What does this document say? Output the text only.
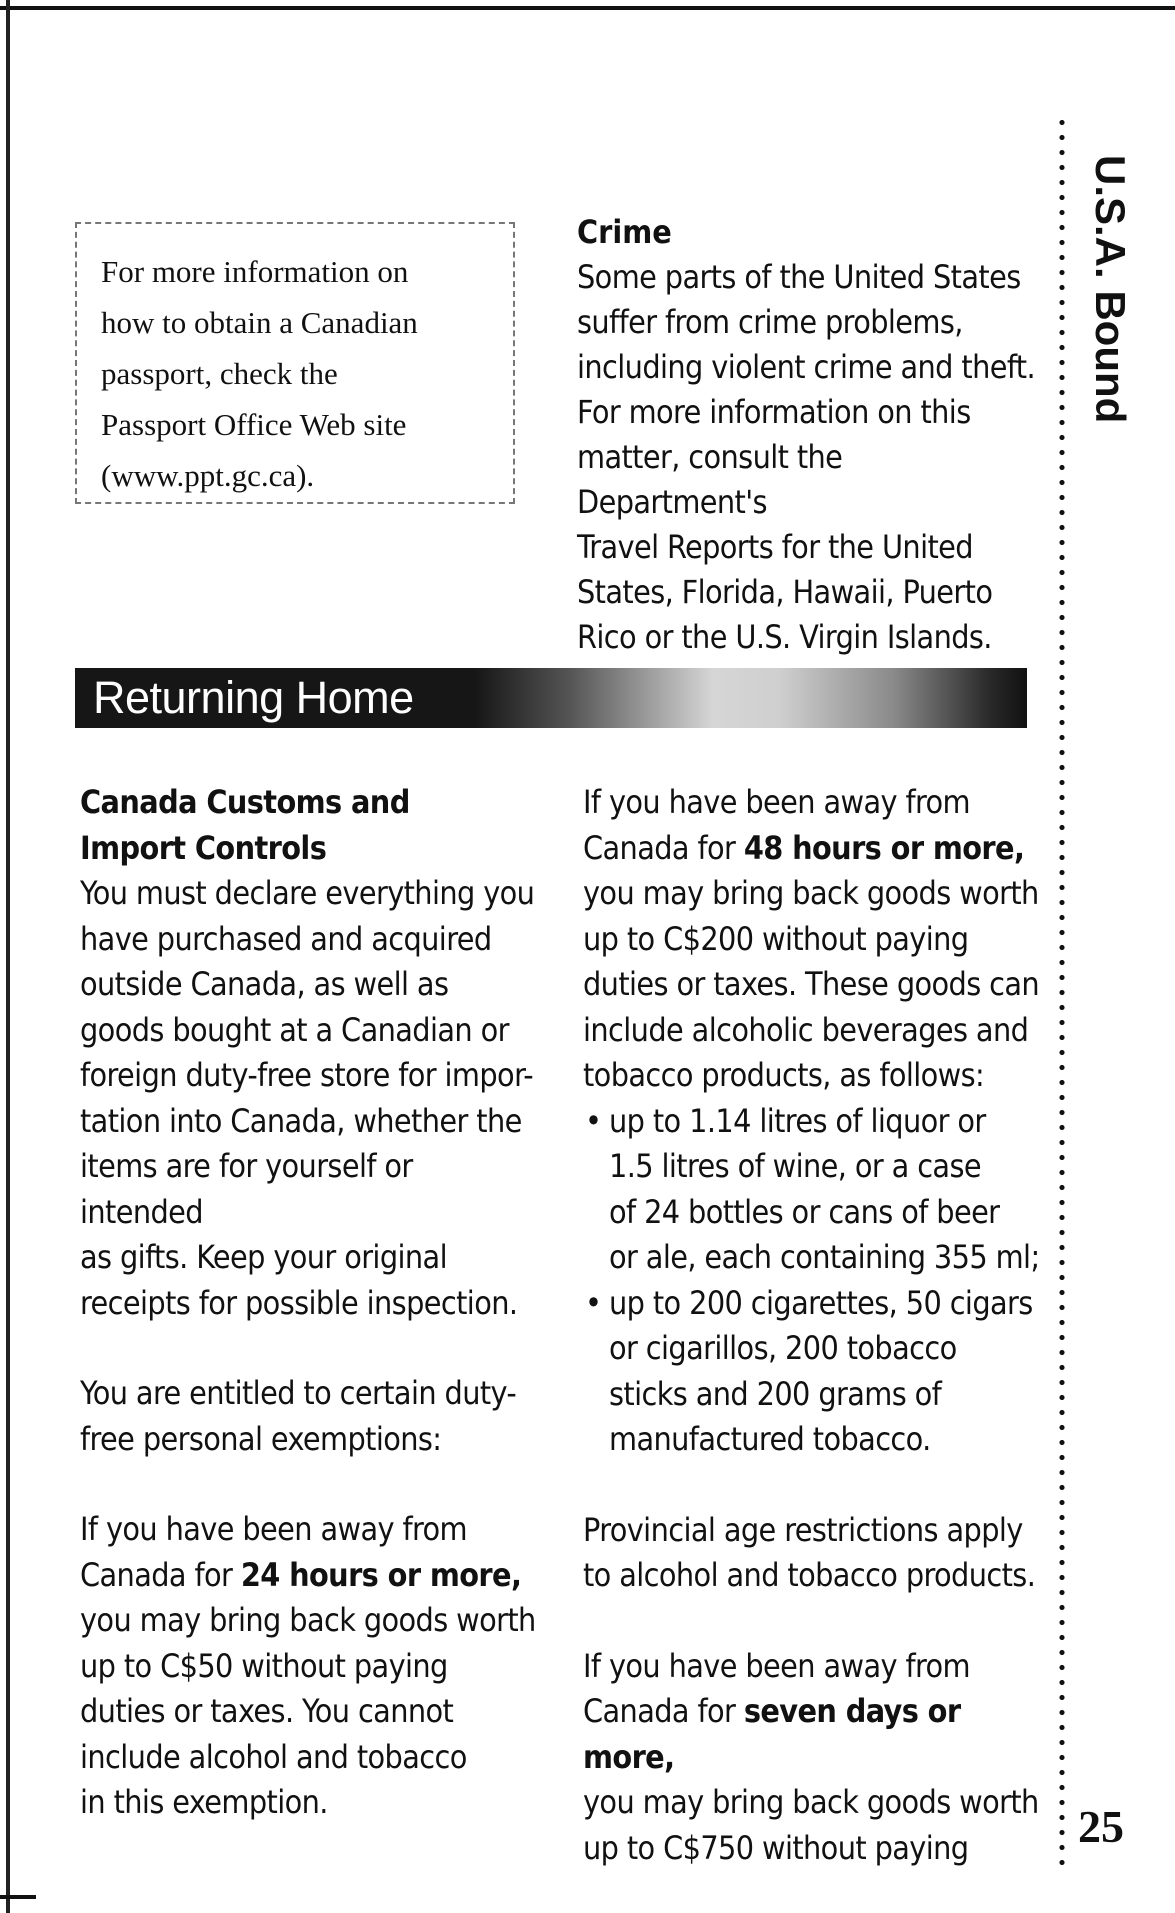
For more information on
how to obtain a Canadian
passport, check the
Passport Office Web site
(www.ppt.gc.ca).
Crime
Some parts of the United States
suffer from crime problems,
including violent crime and theft.
For more information on this
matter, consult the Department's
Travel Reports for the United
States, Florida, Hawaii, Puerto
Rico or the U.S. Virgin Islands.
Returning Home
Canada Customs and
Import Controls
You must declare everything you
have purchased and acquired
outside Canada, as well as
goods bought at a Canadian or
foreign duty-free store for impor-
tation into Canada, whether the
items are for yourself or intended
as gifts. Keep your original
receipts for possible inspection.
You are entitled to certain duty-
free personal exemptions:
If you have been away from
Canada for 24 hours or more,
you may bring back goods worth
up to C$50 without paying
duties or taxes. You cannot
include alcohol and tobacco
in this exemption.
If you have been away from
Canada for 48 hours or more,
you may bring back goods worth
up to C$200 without paying
duties or taxes. These goods can
include alcoholic beverages and
tobacco products, as follows:
• up to 1.14 litres of liquor or
1.5 litres of wine, or a case
of 24 bottles or cans of beer
or ale, each containing 355 ml;
• up to 200 cigarettes, 50 cigars
or cigarillos, 200 tobacco
sticks and 200 grams of
manufactured tobacco.
Provincial age restrictions apply
to alcohol and tobacco products.
If you have been away from
Canada for seven days or more,
you may bring back goods worth
up to C$750 without paying
U.S.A. Bound
25
